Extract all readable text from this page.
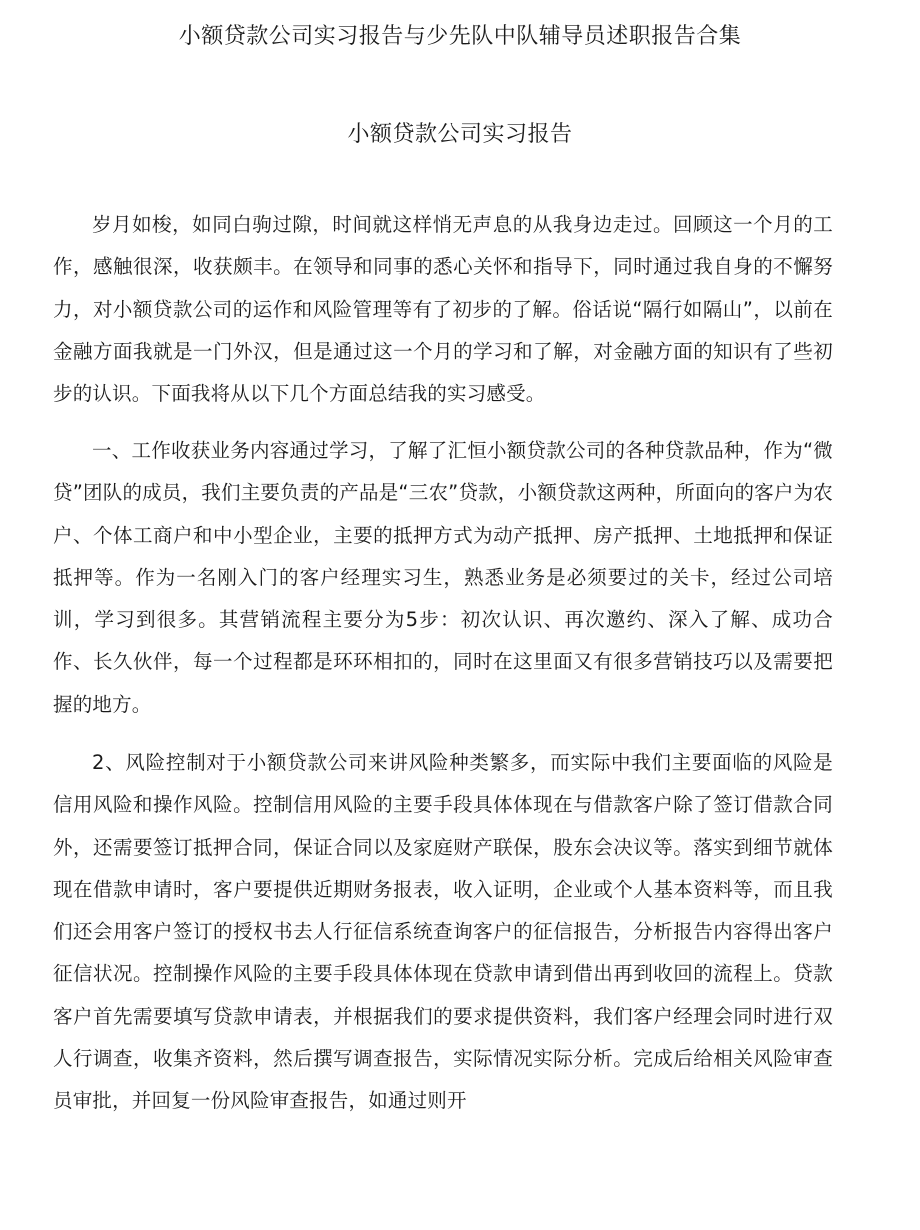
小额贷款公司实习报告与少先队中队辅导员述职报告合集
小额贷款公司实习报告

岁月如梭，如同白驹过隙，时间就这样悄无声息的从我身边走过。回顾这一个月的工作，感触很深，收获颇丰。在领导和同事的悉心关怀和指导下，同时通过我自身的不懈努力，对小额贷款公司的运作和风险管理等有了初步的了解。俗话说“隔行如隔山”，以前在金融方面我就是一门外汉，但是通过这一个月的学习和了解，对金融方面的知识有了些初步的认识。下面我将从以下几个方面总结我的实习感受。

一、工作收获业务内容通过学习，了解了汇恒小额贷款公司的各种贷款品种，作为“微贷”团队的成员，我们主要负责的产品是“三农”贷款，小额贷款这两种，所面向的客户为农户、个体工商户和中小型企业，主要的抵押方式为动产抵押、房产抵押、土地抵押和保证抵押等。作为一名刚入门的客户经理实习生，熟悉业务是必须要过的关卡，经过公司培训，学习到很多。其营销流程主要分为5步：初次认识、再次邀约、深入了解、成功合作、长久伙伴，每一个过程都是环环相扣的，同时在这里面又有很多营销技巧以及需要把握的地方。

2、风险控制对于小额贷款公司来讲风险种类繁多，而实际中我们主要面临的风险是信用风险和操作风险。控制信用风险的主要手段具体体现在与借款客户除了签订借款合同外，还需要签订抵押合同，保证合同以及家庭财产联保，股东会决议等。落实到细节就体现在借款申请时，客户要提供近期财务报表，收入证明，企业或个人基本资料等，而且我们还会用客户签订的授权书去人行征信系统查询客户的征信报告，分析报告内容得出客户征信状况。控制操作风险的主要手段具体体现在贷款申请到借出再到收回的流程上。贷款客户首先需要填写贷款申请表，并根据我们的要求提供资料，我们客户经理会同时进行双人行调查，收集齐资料，然后撰写调查报告，实际情况实际分析。完成后给相关风险审查员审批，并回复一份风险审查报告，如通过则开
